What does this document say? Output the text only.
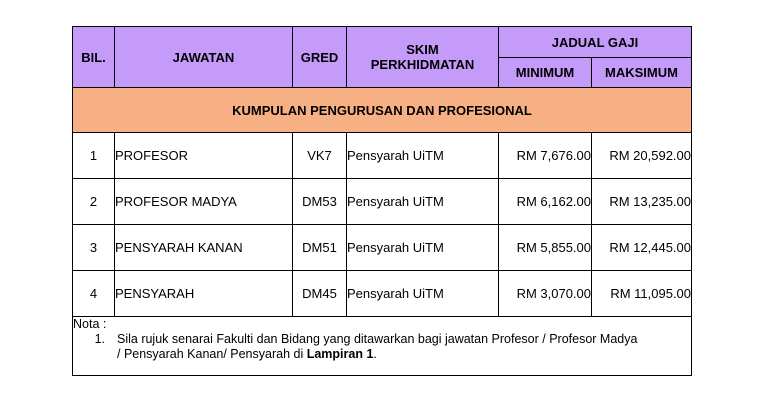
BIL.	JAWATAN	GRED	SKIM PERKHIDMATAN	JADUAL GAJI	
				MINIMUM	MAKSIMUM
KUMPULAN PENGURUSAN DAN PROFESIONAL					
1	PROFESOR	VK7	Pensyarah UiTM	RM 7,676.00	RM 20,592.00
2	PROFESOR MADYA	DM53	Pensyarah UiTM	RM 6,162.00	RM 13,235.00
3	PENSYARAH KANAN	DM51	Pensyarah UiTM	RM 5,855.00	RM 12,445.00
4	PENSYARAH	DM45	Pensyarah UiTM	RM 3,070.00	RM 11,095.00

Nota :
1. Sila rujuk senarai Fakulti dan Bidang yang ditawarkan bagi jawatan Profesor / Profesor Madya
/ Pensyarah Kanan/ Pensyarah di Lampiran 1.					
